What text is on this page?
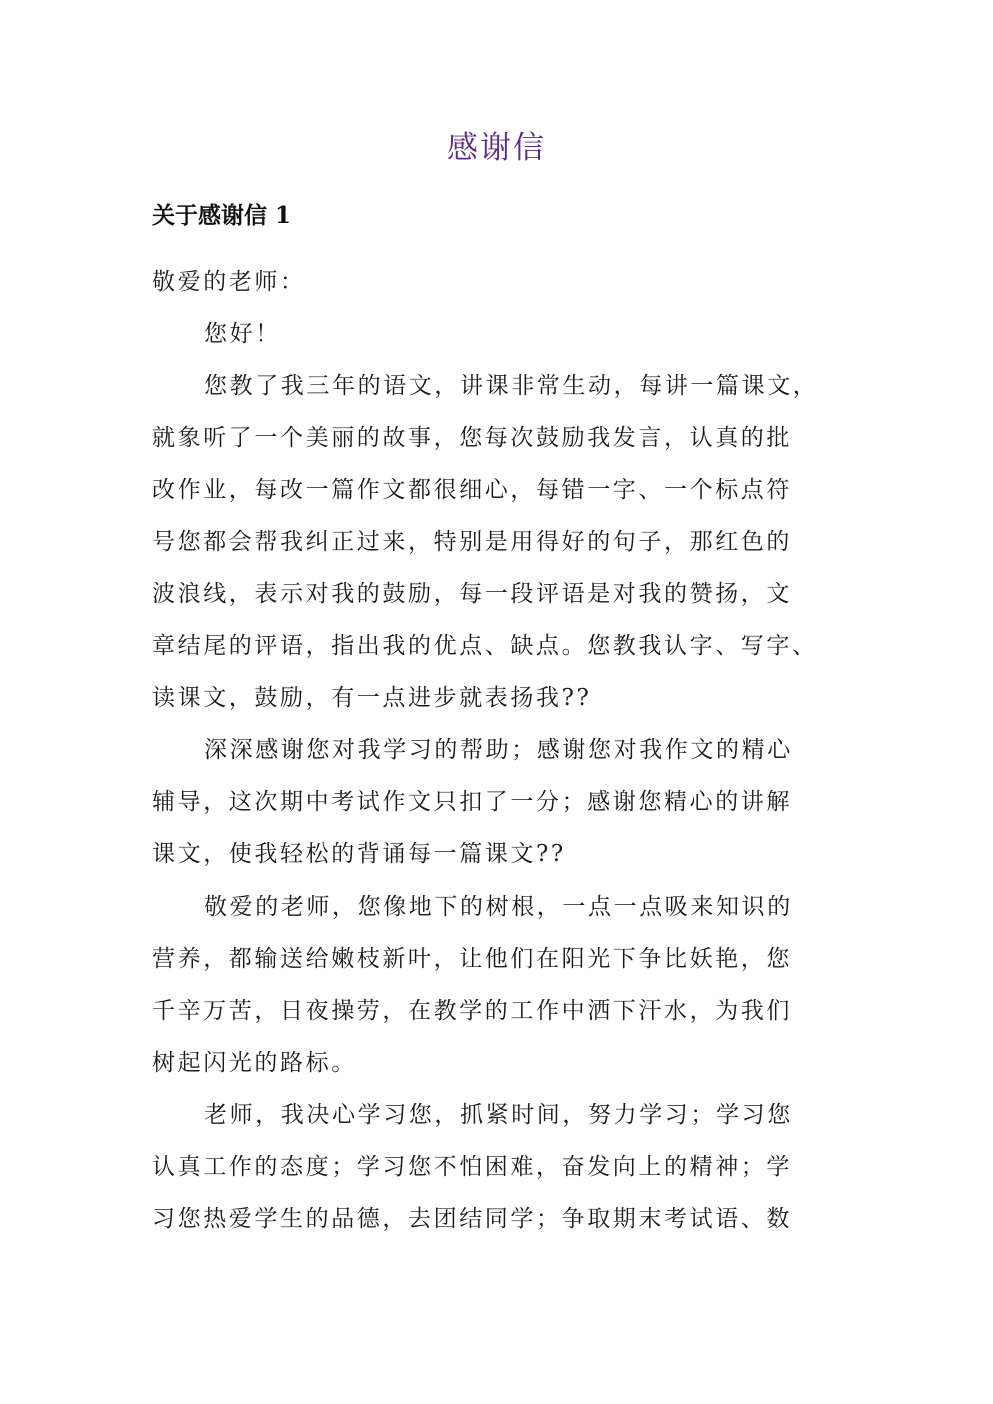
感谢信
关于感谢信 1
敬爱的老师：
您好！
您教了我三年的语文，讲课非常生动，每讲一篇课文，
就象听了一个美丽的故事，您每次鼓励我发言，认真的批
改作业，每改一篇作文都很细心，每错一字、一个标点符
号您都会帮我纠正过来，特别是用得好的句子，那红色的
波浪线，表示对我的鼓励，每一段评语是对我的赞扬，文
章结尾的评语，指出我的优点、缺点。您教我认字、写字、
读课文，鼓励，有一点进步就表扬我??
深深感谢您对我学习的帮助；感谢您对我作文的精心
辅导，这次期中考试作文只扣了一分；感谢您精心的讲解
课文，使我轻松的背诵每一篇课文??
敬爱的老师，您像地下的树根，一点一点吸来知识的
营养，都输送给嫩枝新叶，让他们在阳光下争比妖艳，您
千辛万苦，日夜操劳，在教学的工作中洒下汗水，为我们
树起闪光的路标。
老师，我决心学习您，抓紧时间，努力学习；学习您
认真工作的态度；学习您不怕困难，奋发向上的精神；学
习您热爱学生的品德，去团结同学；争取期末考试语、数
